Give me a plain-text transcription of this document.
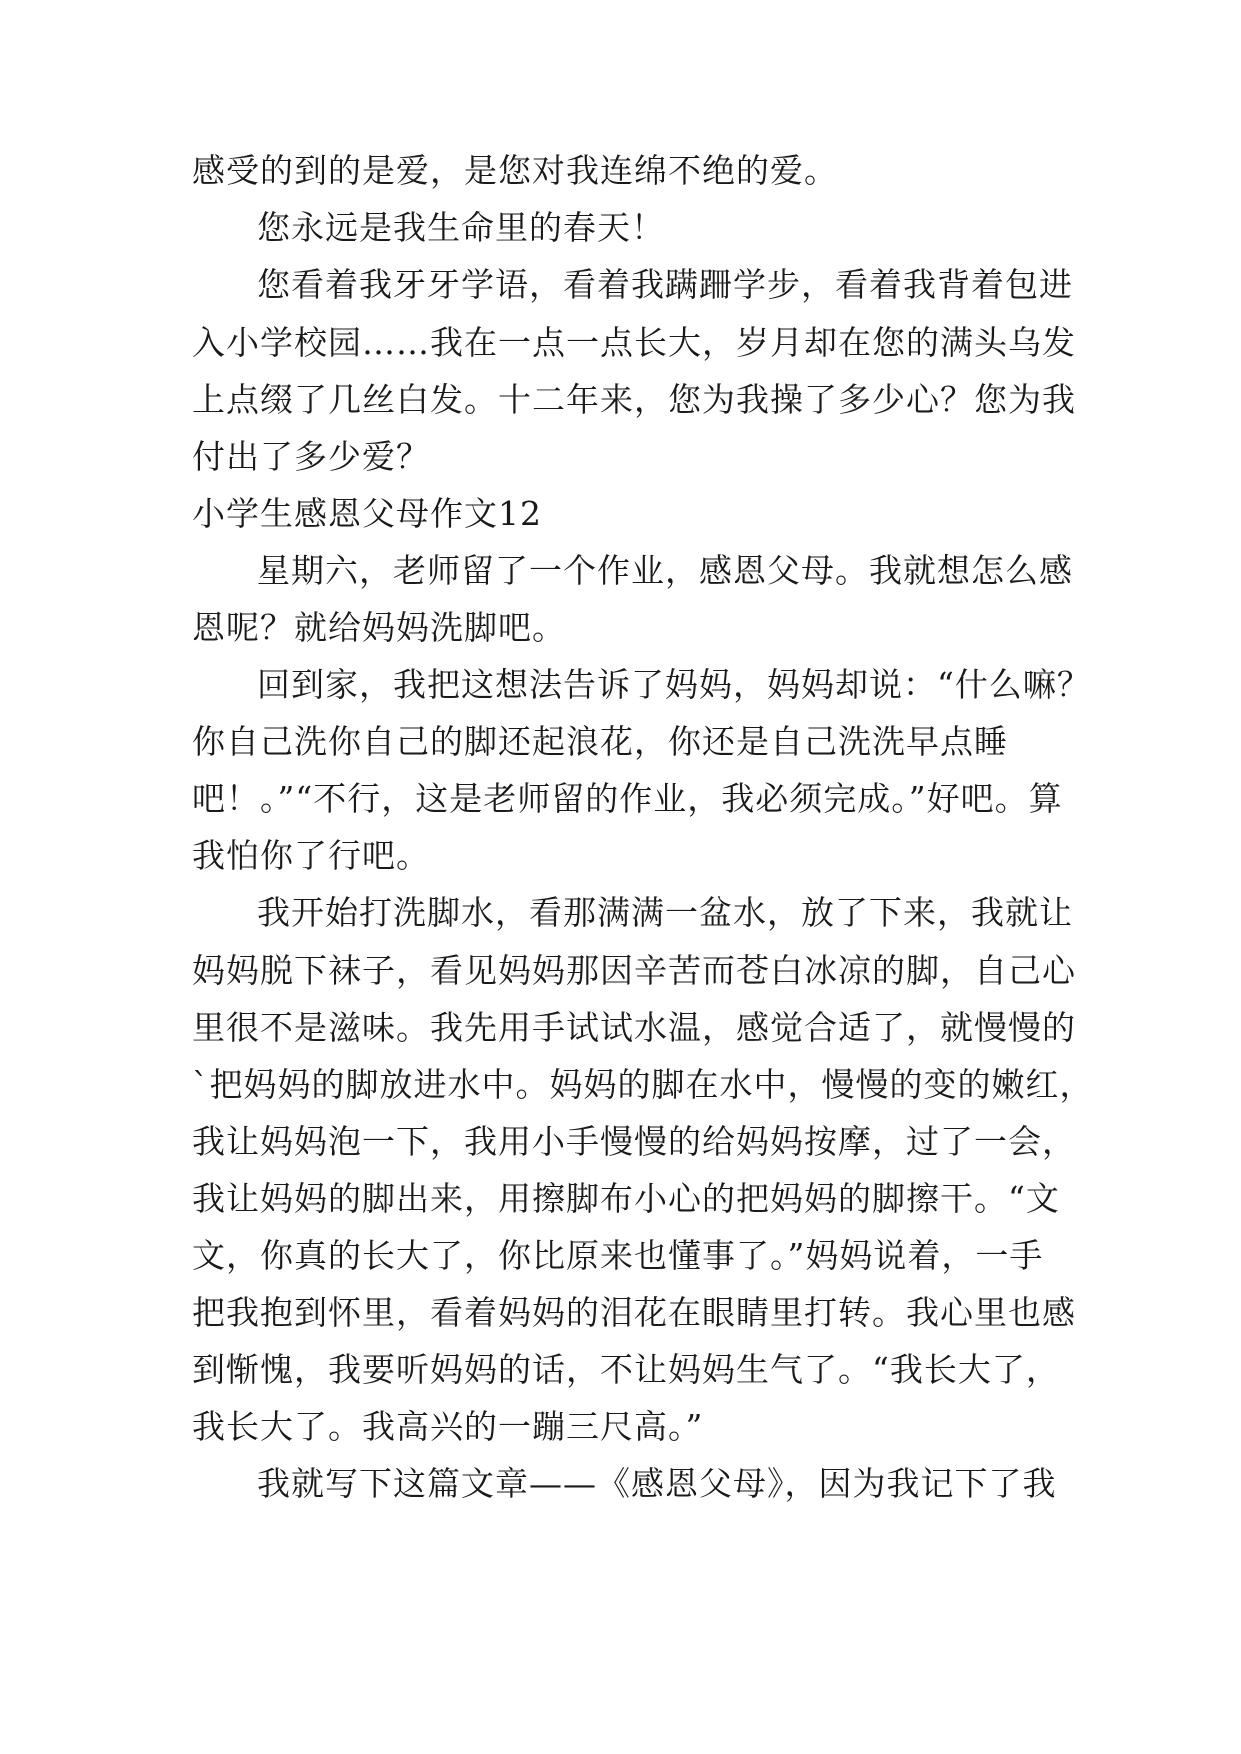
感受的到的是爱，是您对我连绵不绝的爱。
您永远是我生命里的春天！
您看着我牙牙学语，看着我蹒跚学步，看着我背着包进
入小学校园……我在一点一点长大，岁月却在您的满头乌发
上点缀了几丝白发。十二年来，您为我操了多少心？您为我
付出了多少爱？
小学生感恩父母作文12
星期六，老师留了一个作业，感恩父母。我就想怎么感
恩呢？就给妈妈洗脚吧。
回到家，我把这想法告诉了妈妈，妈妈却说：“什么嘛？
你自己洗你自己的脚还起浪花，你还是自己洗洗早点睡
吧！。”“不行，这是老师留的作业，我必须完成。”好吧。算
我怕你了行吧。
我开始打洗脚水，看那满满一盆水，放了下来，我就让
妈妈脱下袜子，看见妈妈那因辛苦而苍白冰凉的脚，自己心
里很不是滋味。我先用手试试水温，感觉合适了，就慢慢的
`把妈妈的脚放进水中。妈妈的脚在水中，慢慢的变的嫩红，
我让妈妈泡一下，我用小手慢慢的给妈妈按摩，过了一会，
我让妈妈的脚出来，用擦脚布小心的把妈妈的脚擦干。“文
文，你真的长大了，你比原来也懂事了。”妈妈说着，一手
把我抱到怀里，看着妈妈的泪花在眼睛里打转。我心里也感
到惭愧，我要听妈妈的话，不让妈妈生气了。“我长大了，
我长大了。我高兴的一蹦三尺高。”
我就写下这篇文章——《感恩父母》，因为我记下了我
